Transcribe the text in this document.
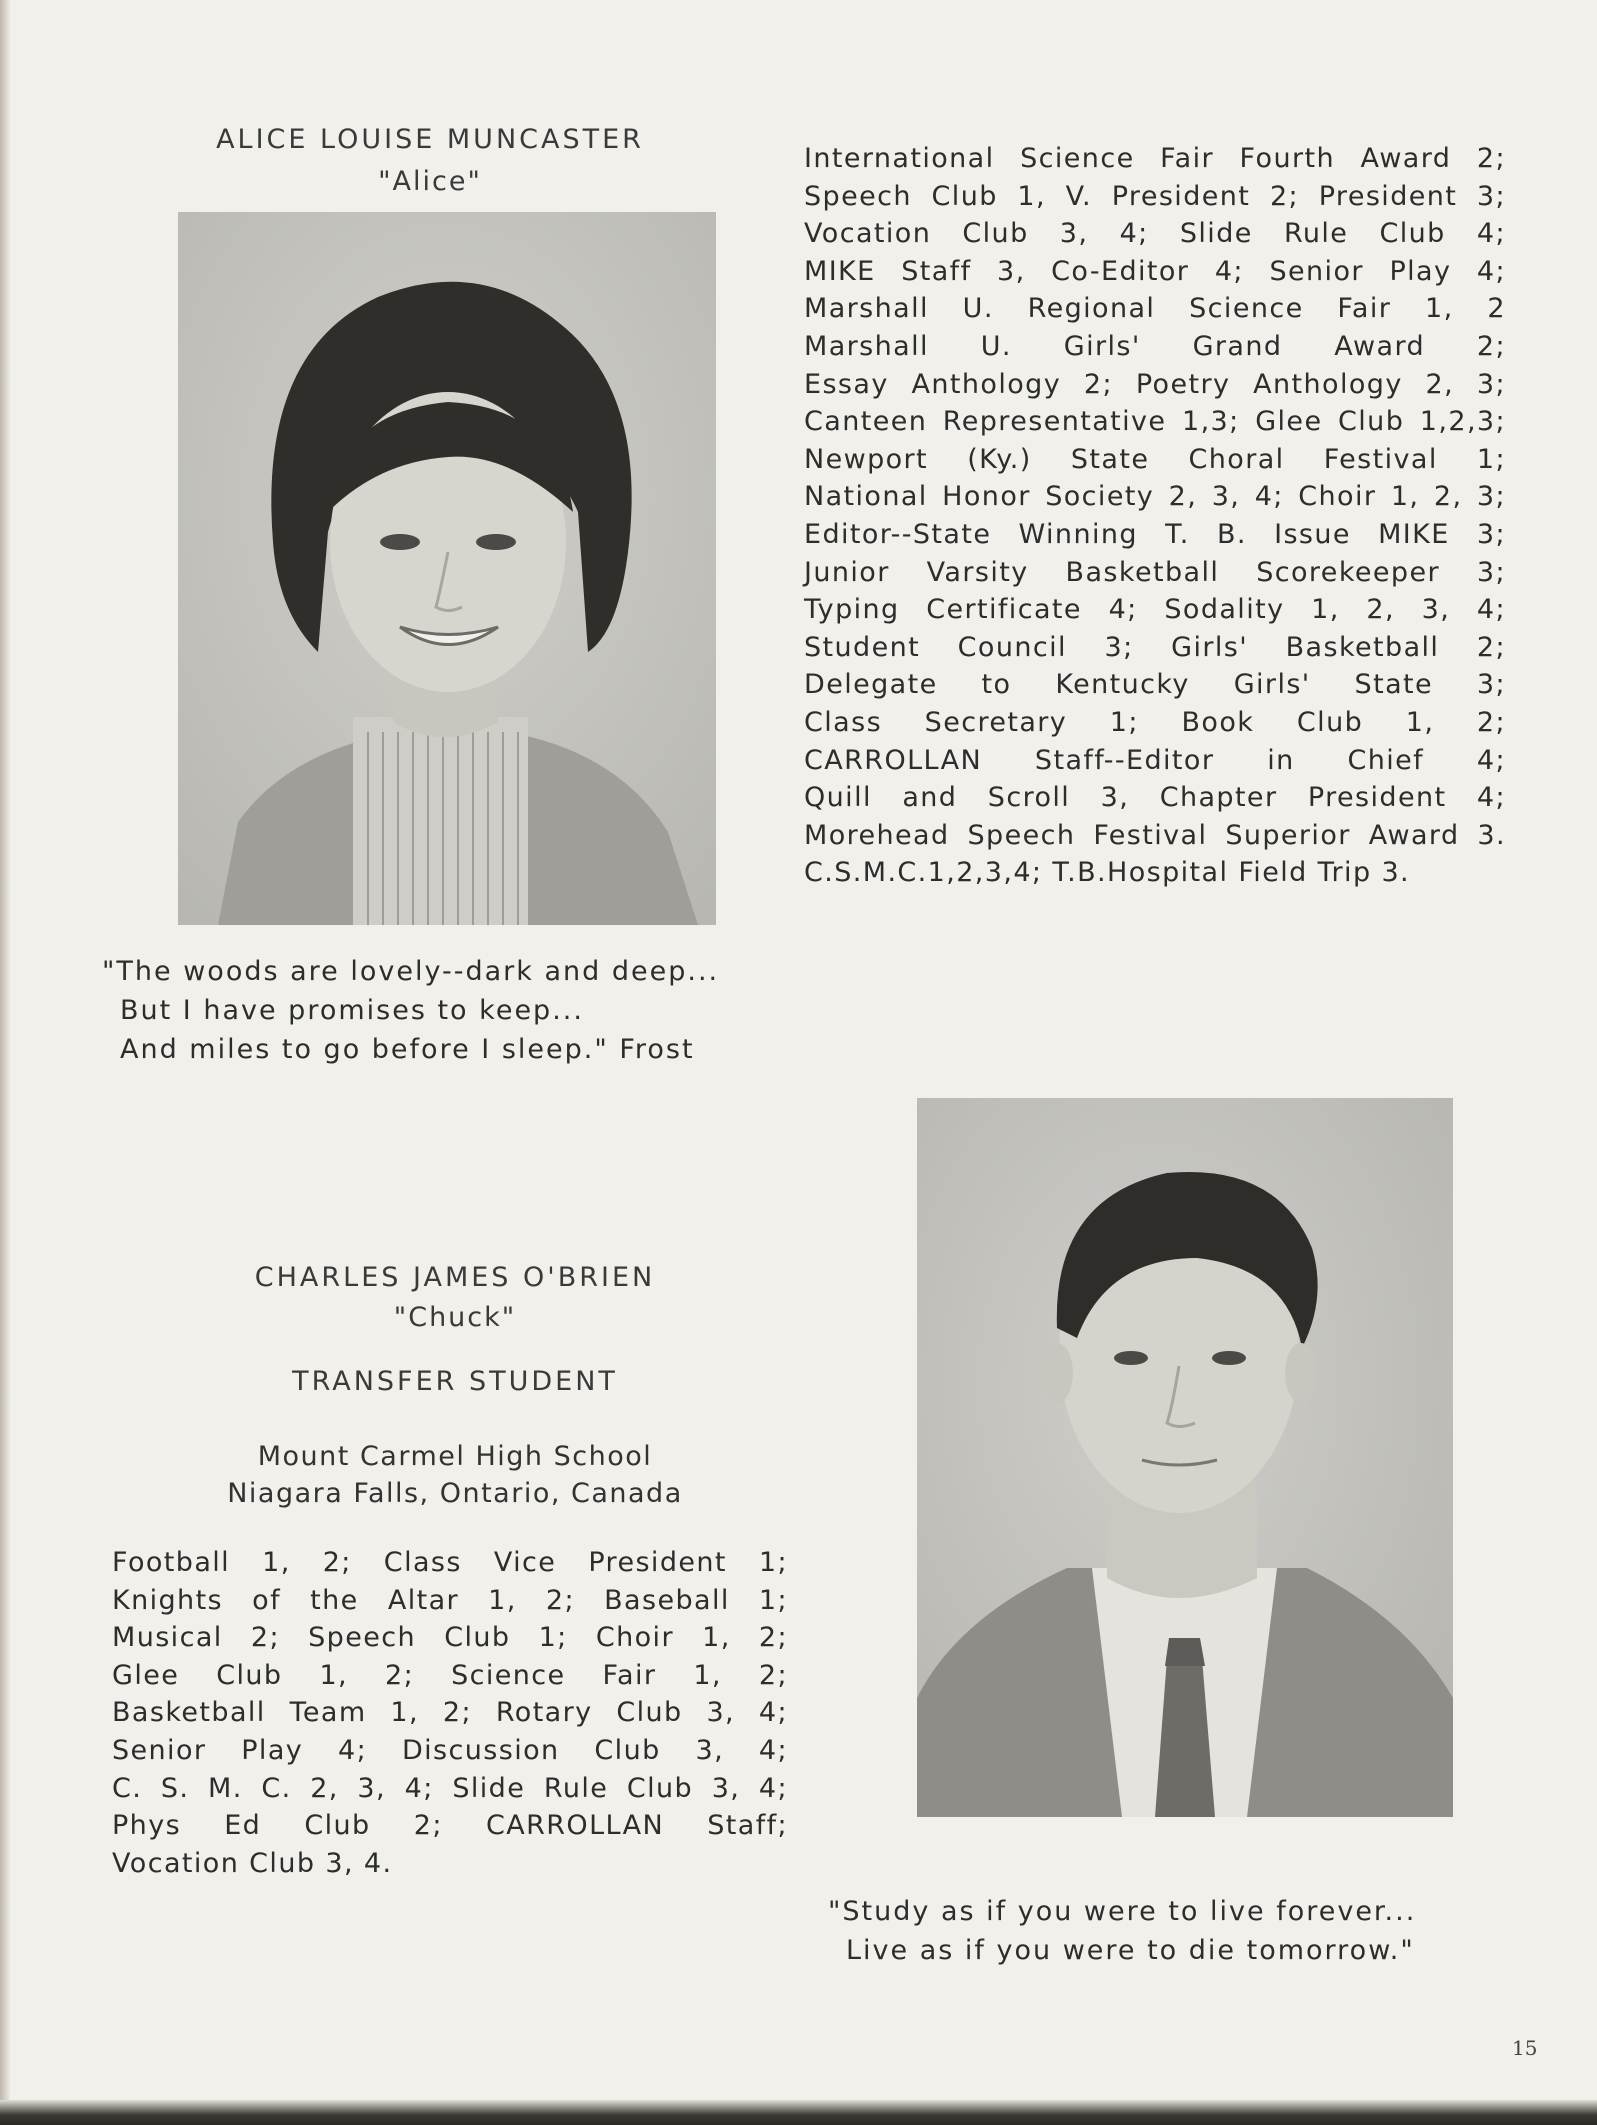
ALICE LOUISE MUNCASTER
"Alice"
International Science Fair Fourth Award 2;
Speech Club 1, V. President 2; President 3;
Vocation Club 3, 4; Slide Rule Club 4;
MIKE Staff 3, Co-Editor 4; Senior Play 4;
Marshall U. Regional Science Fair 1, 2
Marshall U. Girls' Grand Award 2;
Essay Anthology 2; Poetry Anthology 2, 3;
Canteen Representative 1,3; Glee Club 1,2,3;
Newport (Ky.) State Choral Festival 1;
National Honor Society 2, 3, 4; Choir 1, 2, 3;
Editor--State Winning T. B. Issue MIKE 3;
Junior Varsity Basketball Scorekeeper 3;
Typing Certificate 4; Sodality 1, 2, 3, 4;
Student Council 3; Girls' Basketball 2;
Delegate to Kentucky Girls' State 3;
Class Secretary 1; Book Club 1, 2;
CARROLLAN Staff--Editor in Chief 4;
Quill and Scroll 3, Chapter President 4;
Morehead Speech Festival Superior Award 3.
C.S.M.C.1,2,3,4; T.B.Hospital Field Trip 3.
"The woods are lovely--dark and deep...
But I have promises to keep...
And miles to go before I sleep." Frost
CHARLES JAMES O'BRIEN
"Chuck"
TRANSFER STUDENT
Mount Carmel High School
Niagara Falls, Ontario, Canada
Football 1, 2; Class Vice President 1;
Knights of the Altar 1, 2; Baseball 1;
Musical 2; Speech Club 1; Choir 1, 2;
Glee Club 1, 2; Science Fair 1, 2;
Basketball Team 1, 2; Rotary Club 3, 4;
Senior Play 4; Discussion Club 3, 4;
C. S. M. C. 2, 3, 4; Slide Rule Club 3, 4;
Phys Ed Club 2; CARROLLAN Staff;
Vocation Club 3, 4.
"Study as if you were to live forever...
Live as if you were to die tomorrow."
15
